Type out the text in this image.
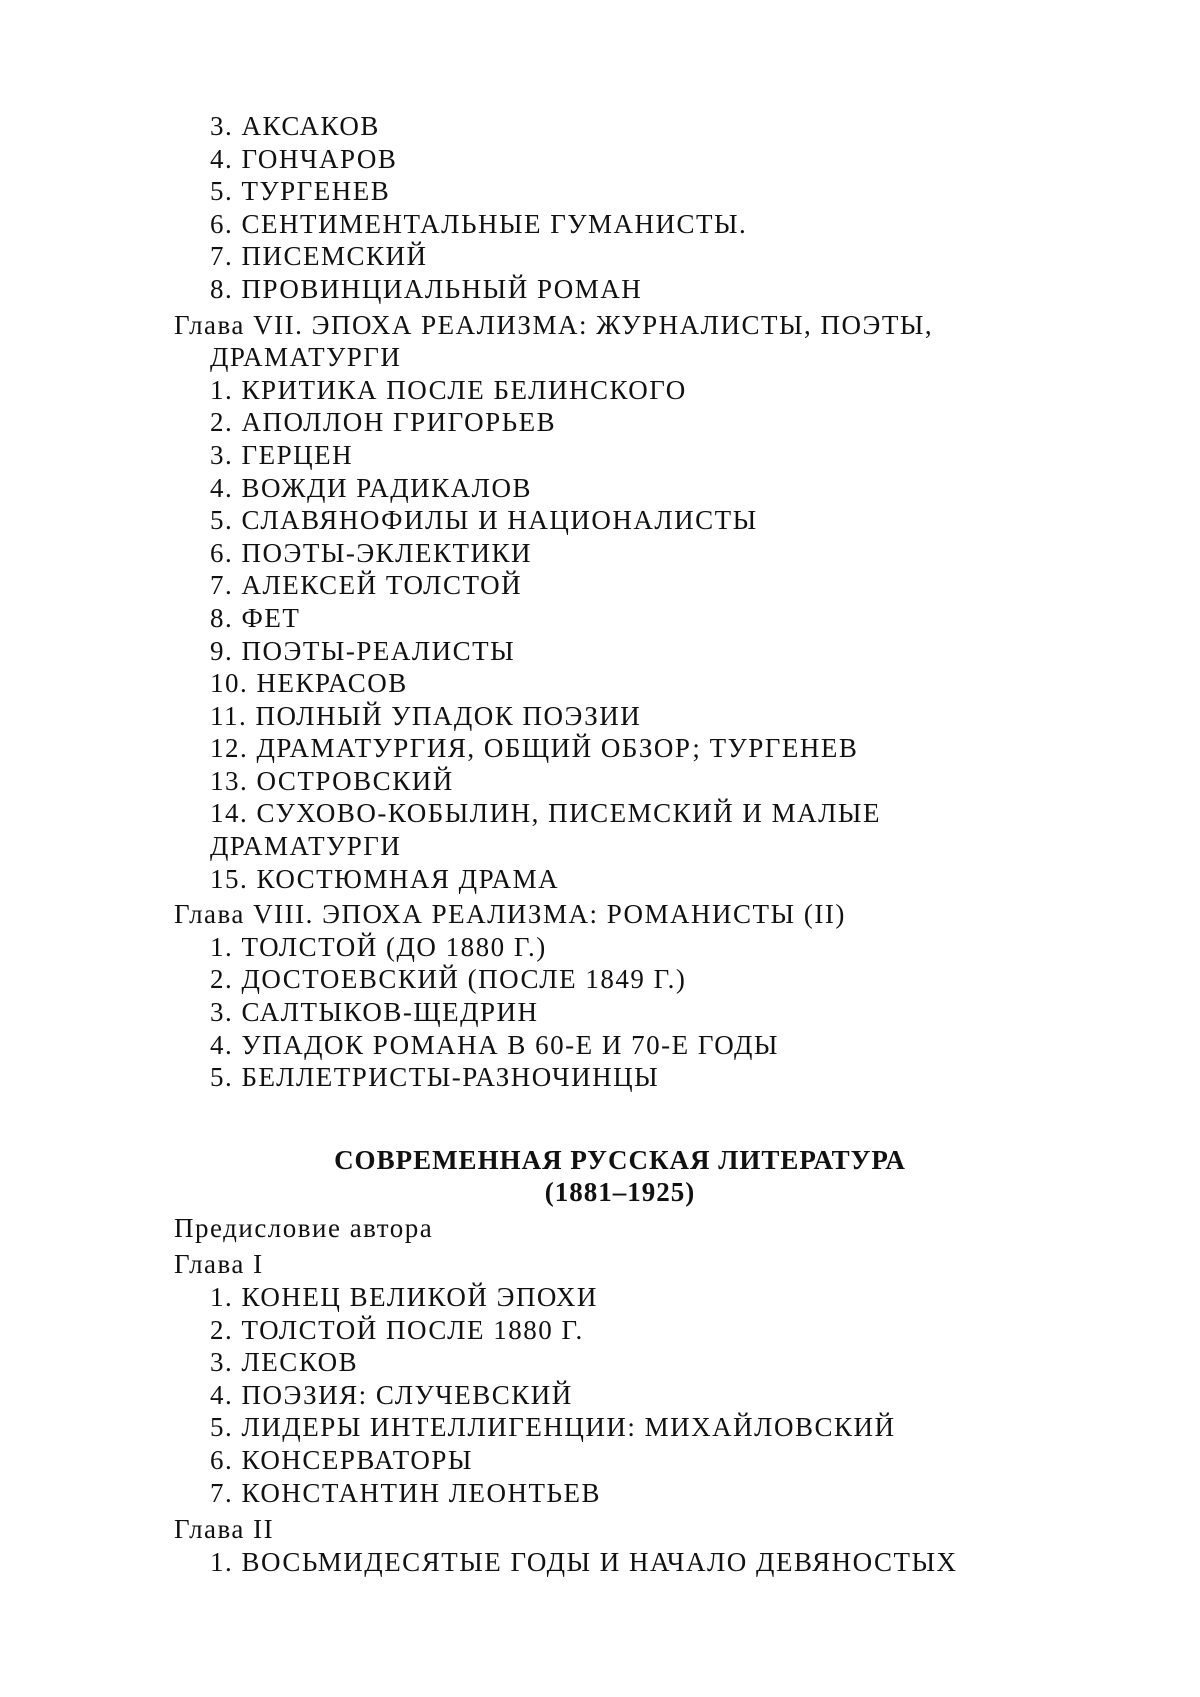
3. АКСАКОВ
4. ГОНЧАРОВ
5. ТУРГЕНЕВ
6. СЕНТИМЕНТАЛЬНЫЕ ГУМАНИСТЫ.
7. ПИСЕМСКИЙ
8. ПРОВИНЦИАЛЬНЫЙ РОМАН
Глава VII. ЭПОХА РЕАЛИЗМА: ЖУРНАЛИСТЫ, ПОЭТЫ,
ДРАМАТУРГИ
1. КРИТИКА ПОСЛЕ БЕЛИНСКОГО
2. АПОЛЛОН ГРИГОРЬЕВ
3. ГЕРЦЕН
4. ВОЖДИ РАДИКАЛОВ
5. СЛАВЯНОФИЛЫ И НАЦИОНАЛИСТЫ
6. ПОЭТЫ-ЭКЛЕКТИКИ
7. АЛЕКСЕЙ ТОЛСТОЙ
8. ФЕТ
9. ПОЭТЫ-РЕАЛИСТЫ
10. НЕКРАСОВ
11. ПОЛНЫЙ УПАДОК ПОЭЗИИ
12. ДРАМАТУРГИЯ, ОБЩИЙ ОБЗОР; ТУРГЕНЕВ
13. ОСТРОВСКИЙ
14. СУХОВО-КОБЫЛИН, ПИСЕМСКИЙ И МАЛЫЕ
ДРАМАТУРГИ
15. КОСТЮМНАЯ ДРАМА
Глава VIII. ЭПОХА РЕАЛИЗМА: РОМАНИСТЫ (II)
1. ТОЛСТОЙ (ДО 1880 Г.)
2. ДОСТОЕВСКИЙ (ПОСЛЕ 1849 Г.)
3. САЛТЫКОВ-ЩЕДРИН
4. УПАДОК РОМАНА В 60-Е И 70-Е ГОДЫ
5. БЕЛЛЕТРИСТЫ-РАЗНОЧИНЦЫ
СОВРЕМЕННАЯ РУССКАЯ ЛИТЕРАТУРА
(1881–1925)
Предисловие автора
Глава I
1. КОНЕЦ ВЕЛИКОЙ ЭПОХИ
2. ТОЛСТОЙ ПОСЛЕ 1880 Г.
3. ЛЕСКОВ
4. ПОЭЗИЯ: СЛУЧЕВСКИЙ
5. ЛИДЕРЫ ИНТЕЛЛИГЕНЦИИ: МИХАЙЛОВСКИЙ
6. КОНСЕРВАТОРЫ
7. КОНСТАНТИН ЛЕОНТЬЕВ
Глава II
1. ВОСЬМИДЕСЯТЫЕ ГОДЫ И НАЧАЛО ДЕВЯНОСТЫХ
